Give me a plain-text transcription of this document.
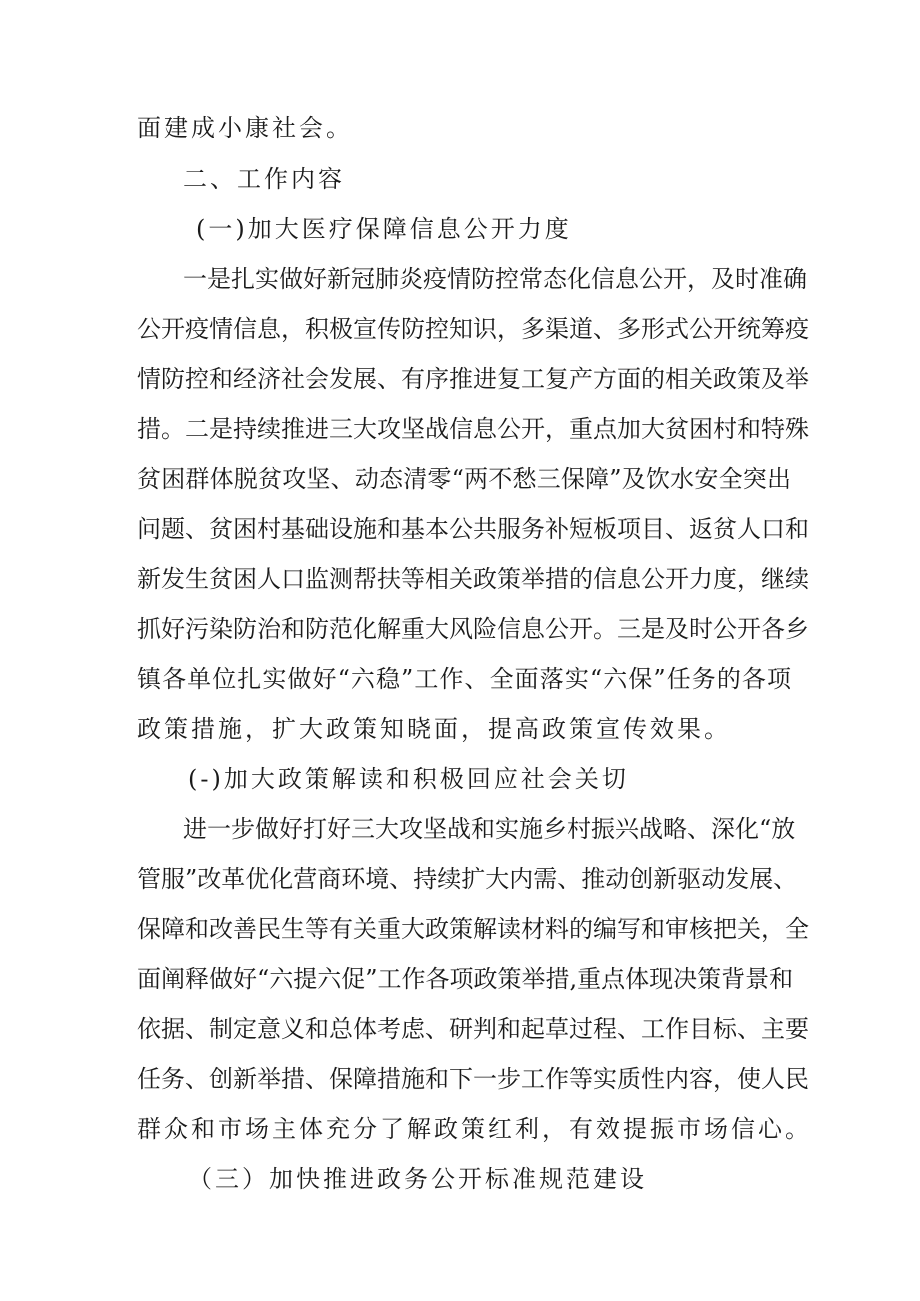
面建成小康社会。
二、工作内容
(一)加大医疗保障信息公开力度
一是扎实做好新冠肺炎疫情防控常态化信息公开，及时准确
公开疫情信息，积极宣传防控知识，多渠道、多形式公开统筹疫
情防控和经济社会发展、有序推进复工复产方面的相关政策及举
措。二是持续推进三大攻坚战信息公开，重点加大贫困村和特殊
贫困群体脱贫攻坚、动态清零“两不愁三保障”及饮水安全突出
问题、贫困村基础设施和基本公共服务补短板项目、返贫人口和
新发生贫困人口监测帮扶等相关政策举措的信息公开力度，继续
抓好污染防治和防范化解重大风险信息公开。三是及时公开各乡
镇各单位扎实做好“六稳”工作、全面落实“六保”任务的各项
政策措施，扩大政策知晓面，提高政策宣传效果。
(-)加大政策解读和积极回应社会关切
进一步做好打好三大攻坚战和实施乡村振兴战略、深化“放
管服”改革优化营商环境、持续扩大内需、推动创新驱动发展、
保障和改善民生等有关重大政策解读材料的编写和审核把关，全
面阐释做好“六提六促”工作各项政策举措,重点体现决策背景和
依据、制定意义和总体考虑、研判和起草过程、工作目标、主要
任务、创新举措、保障措施和下一步工作等实质性内容，使人民
群众和市场主体充分了解政策红利，有效提振市场信心。
（三）加快推进政务公开标准规范建设
